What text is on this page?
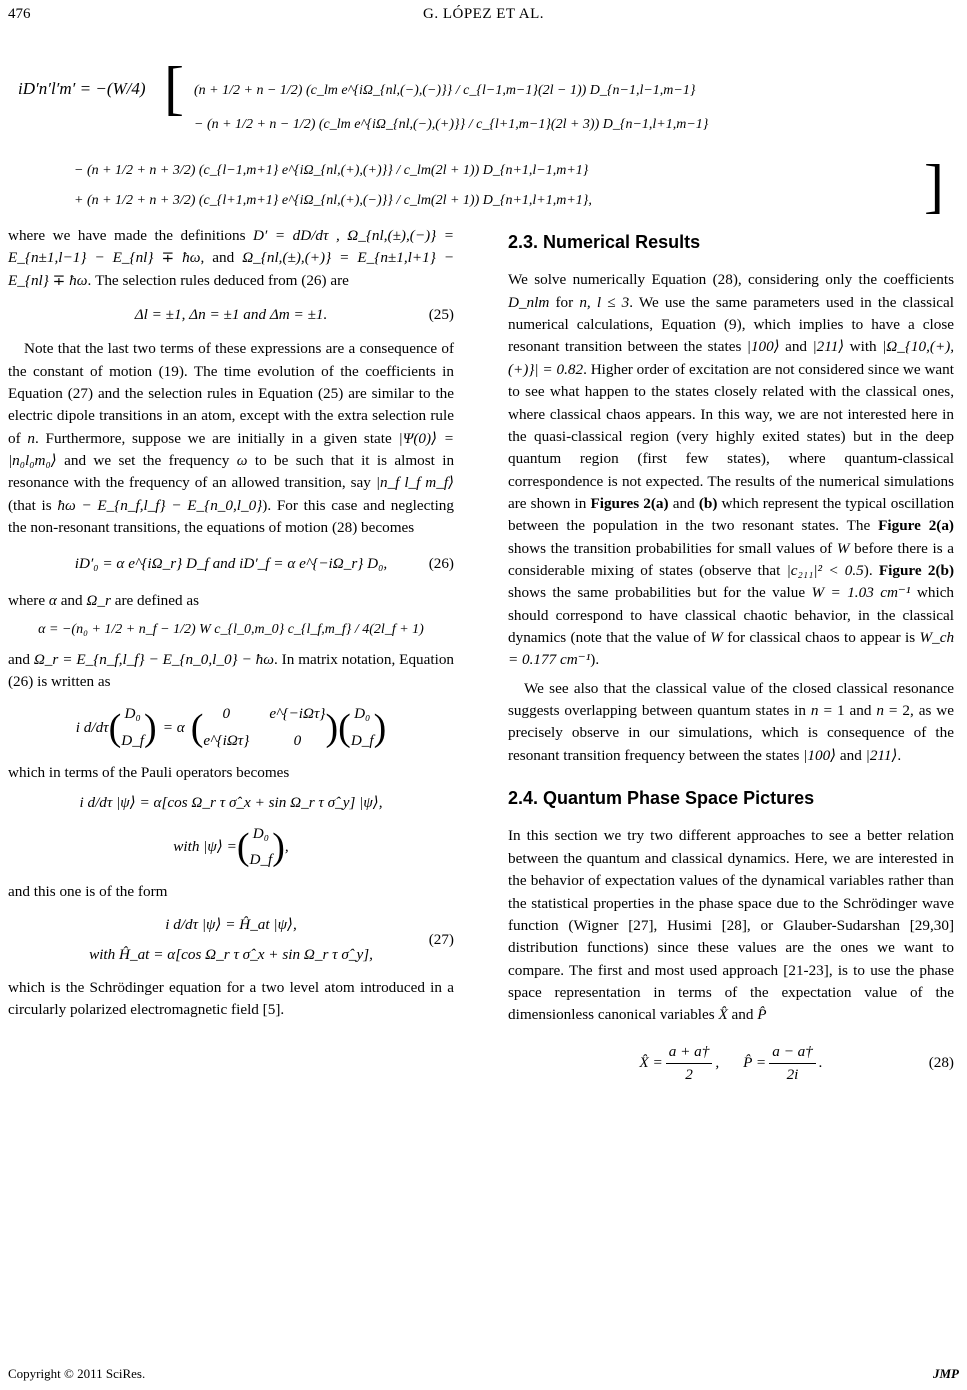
476	G. LÓPEZ ET AL.
iD′n′l′m′ = −(W/4) [ (n + 1/2 + n − 1/2) (c_lm e^{iΩ_{nl,(−),(−)}} / c_{l−1,m−1}(2l − 1)) D_{n−1,l−1,m−1}
− (n + 1/2 + n − 1/2) (c_lm e^{iΩ_{nl,(−),(+)}} / c_{l+1,m−1}(2l + 3)) D_{n−1,l+1,m−1}
− (n + 1/2 + n + 3/2) (c_{l−1,m+1} e^{iΩ_{nl,(+),(+)}} / c_lm(2l + 1)) D_{n+1,l−1,m+1}
+ (n + 1/2 + n + 3/2) (c_{l+1,m+1} e^{iΩ_{nl,(+),(−)}} / c_lm(2l + 1)) D_{n+1,l+1,m+1},	]

where we have made the definitions D′ = dD/dτ , Ω_{nl,(±),(−)} = E_{n±1,l−1} − E_{nl} ∓ ħω, and Ω_{nl,(±),(+)} = E_{n±1,l+1} − E_{nl} ∓ ħω. The selection rules deduced from (26) are

Δl = ±1, Δn = ±1 and Δm = ±1.	(25)

Note that the last two terms of these expressions are a consequence of the constant of motion (19). The time evolution of the coefficients in Equation (27) and the selection rules in Equation (25) are similar to the electric dipole transitions in an atom, except with the extra selection rule of n. Furthermore, suppose we are initially in a given state |Ψ(0)⟩ = |n₀l₀m₀⟩ and we set the frequency ω to be such that it is almost in resonance with the frequency of an allowed transition, say |n_f l_f m_f⟩ (that is ħω − E_{n_f,l_f} − E_{n_0,l_0}). For this case and neglecting the non-resonant transitions, the equations of motion (28) becomes

iD′₀ = α e^{iΩ_r} D_f and iD′_f = α e^{−iΩ_r} D₀,	(26)

where α and Ω_r are defined as

α = −(n₀ + 1/2 + n_f − 1/2) W c_{l_0,m_0} c_{l_f,m_f} / 4(2l_f + 1)

and Ω_r = E_{n_f,l_f} − E_{n_0,l_0} − ħω. In matrix notation, Equation (26) is written as

i d/dτ ( D₀
D_f ) = α (	0	e^{−iΩτ}
e^{iΩτ}	0 ) ( D₀
D_f )

which in terms of the Pauli operators becomes

i d/dτ |ψ⟩ = α[cos Ω_r τ σ̂_x + sin Ω_r τ σ̂_y] |ψ⟩,
with |ψ⟩ = ( D₀
D_f ) ,

and this one is of the form

i d/dτ |ψ⟩ = Ĥ_at |ψ⟩,
with Ĥ_at = α[cos Ω_r τ σ̂_x + sin Ω_r τ σ̂_y],
(27)

which is the Schrödinger equation for a two level atom introduced in a circularly polarized electromagnetic field [5].

2.3. Numerical Results

We solve numerically Equation (28), considering only the coefficients D_nlm for n, l ≤ 3. We use the same parameters used in the classical numerical calculations, Equation (9), which implies to have a close resonant transition between the states |100⟩ and |211⟩ with |Ω_{10,(+),(+)}| = 0.82. Higher order of excitation are not considered since we want to see what happen to the states closely related with the classical ones, where classical chaos appears. In this way, we are not interested here in the quasi-classical region (very highly exited states) but in the deep quantum region (first few states), where quantum-classical correspondence is not expected. The results of the numerical simulations are shown in Figures 2(a) and (b) which represent the typical oscillation between the population in the two resonant states. The Figure 2(a) shows the transition probabilities for small values of W before there is a considerable mixing of states (observe that |c₂₁₁|² < 0.5). Figure 2(b) shows the same probabilities but for the value W = 1.03 cm⁻¹ which should correspond to have classical chaotic behavior, in the classical dynamics (note that the value of W for classical chaos to appear is W_ch = 0.177 cm⁻¹).

We see also that the classical value of the closed classical resonance suggests overlapping between quantum states in n = 1 and n = 2, as we precisely observe in our simulations, which is consequence of the resonant transition frequency between the states |100⟩ and |211⟩.

2.4. Quantum Phase Space Pictures

In this section we try two different approaches to see a better relation between the quantum and classical dynamics. Here, we are interested in the behavior of expectation values of the dynamical variables rather than the statistical properties in the phase space due to the Schrödinger wave function (Wigner [27], Husimi [28], or Glauber-Sudarshan [29,30] distribution functions) since these values are the ones we want to compare. The first and most used approach [21-23], is to use the phase space representation in terms of the expectation value of the dimensionless canonical variables X̂ and P̂

X̂ = $\frac{a + a\dagger}{2}$ , P̂ = $\frac{a - a\dagger}{2i}$ .	(28)
Copyright © 2011 SciRes.	JMP
